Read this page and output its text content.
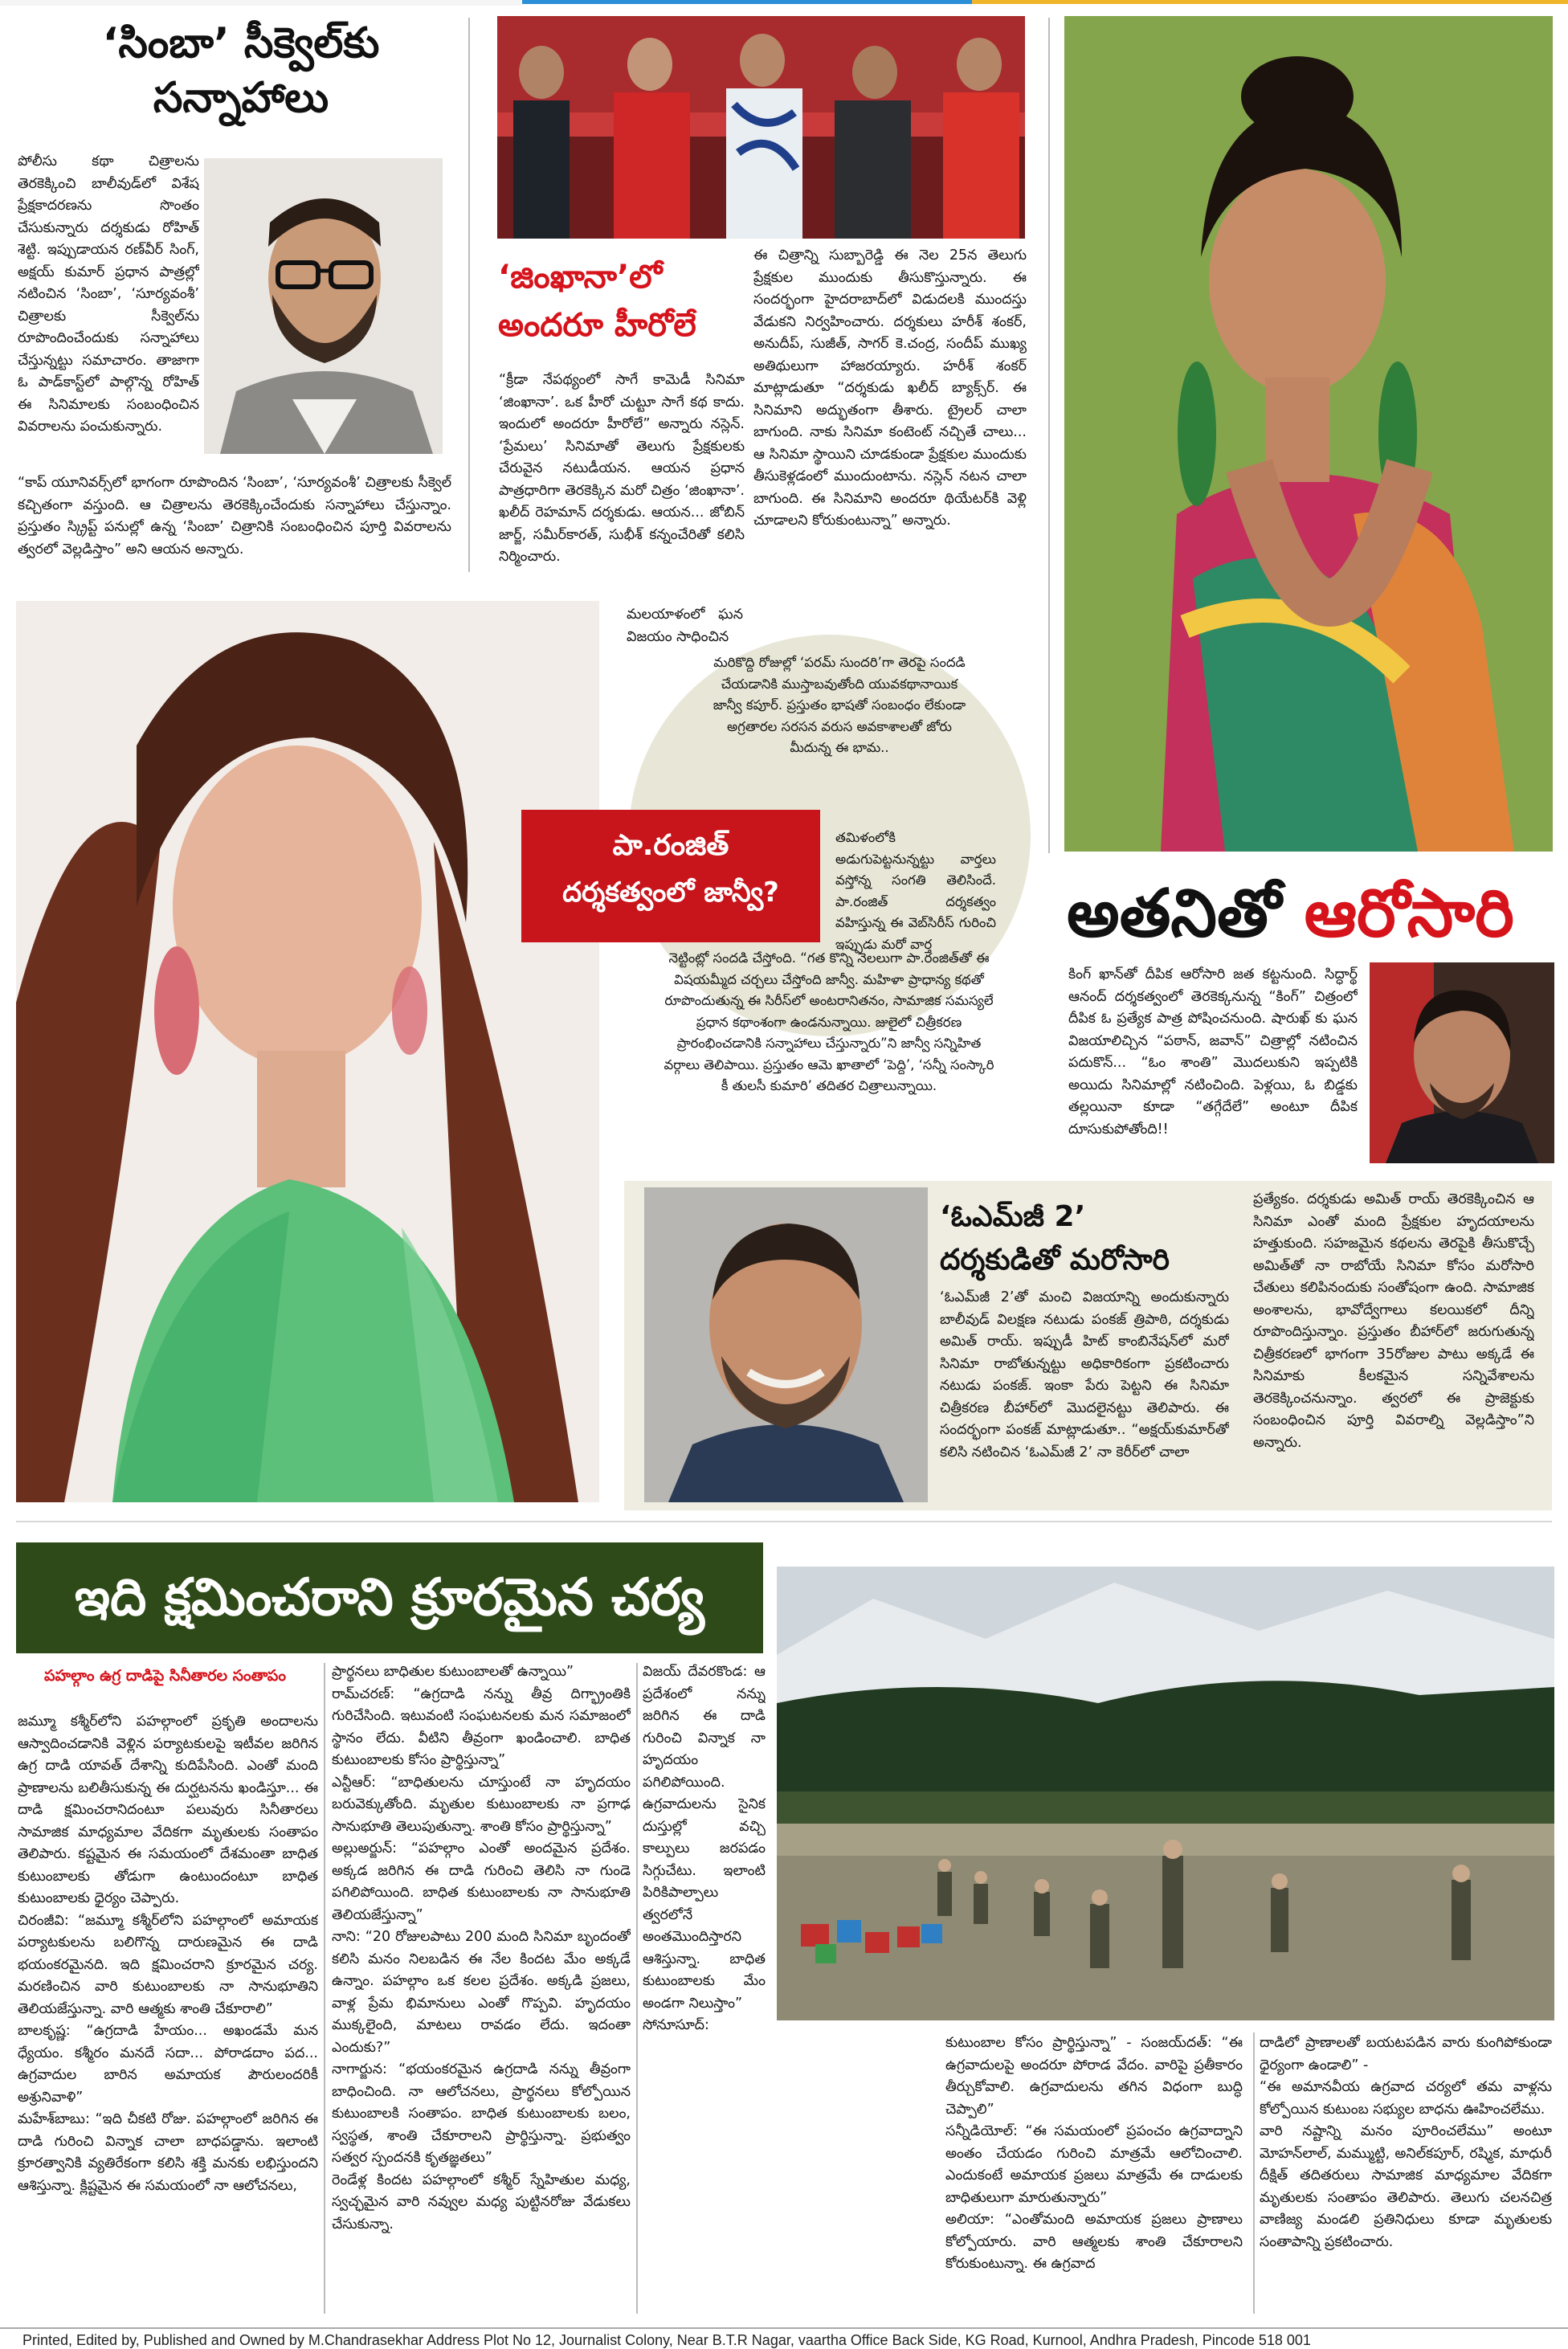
‘సింబా’ సీక్వెల్‌కు
సన్నాహాలు
పోలీసు కథా చిత్రాలను తెరకెక్కించి బాలీవుడ్‌లో విశేష ప్రేక్షకాదరణను సొంతం చేసుకున్నారు దర్శకుడు రోహిత్‌ శెట్టి. ఇప్పుడాయన రణ్‌వీర్‌ సింగ్‌, అక్షయ్‌ కుమార్‌ ప్రధాన పాత్రల్లో నటించిన ‘సింబా’, ‘సూర్యవంశీ’ చిత్రాలకు సీక్వెల్‌ను రూపొందించేందుకు సన్నాహాలు చేస్తున్నట్టు సమాచారం. తాజాగా ఓ పాడ్‌కాస్ట్‌లో పాల్గొన్న రోహిత్‌ ఈ సినిమాలకు సంబంధించిన వివరాలను పంచుకున్నారు.
“కాప్‌ యూనివర్స్‌లో భాగంగా రూపొందిన ‘సింబా’, ‘సూర్యవంశీ’ చిత్రాలకు సీక్వెల్‌ కచ్చితంగా వస్తుంది. ఆ చిత్రాలను తెరకెక్కించేందుకు సన్నాహాలు చేస్తున్నాం. ప్రస్తుతం స్క్రిప్ట్‌ పనుల్లో ఉన్న ‘సింబా’ చిత్రానికి సంబంధించిన పూర్తి వివరాలను త్వరలో వెల్లడిస్తాం” అని ఆయన అన్నారు.
‘జింఖానా’లో
అందరూ హీరోలే
“క్రీడా నేపథ్యంలో సాగే కామెడీ సినిమా ‘జింఖానా’. ఒక హీరో చుట్టూ సాగే కథ కాదు. ఇందులో అందరూ హీరోలే” అన్నారు నస్లెన్‌. ‘ప్రేమలు’ సినిమాతో తెలుగు ప్రేక్షకులకు చేరువైన నటుడీయన. ఆయన ప్రధాన పాత్రధారిగా తెరకెక్కిన మరో చిత్రం ‘జింఖానా’. ఖలీద్‌ రెహమాన్‌ దర్శకుడు. ఆయన... జోబిన్‌ జార్జ్‌, సమీర్‌కారత్‌, సుభీశ్‌ కన్నంచేరితో కలిసి నిర్మించారు.
మలయాళంలో ఘన విజయం సాధించిన
ఈ చిత్రాన్ని సుబ్బారెడ్డి ఈ నెల 25న తెలుగు ప్రేక్షకుల ముందుకు తీసుకొస్తున్నారు. ఈ సందర్భంగా హైదరాబాద్‌లో విడుదలకి ముందస్తు వేడుకని నిర్వహించారు. దర్శకులు హరీశ్‌ శంకర్‌, అనుదీప్‌, సుజీత్‌, సాగర్‌ కె.చంద్ర, సందీప్‌ ముఖ్య అతిథులుగా హాజరయ్యారు. హరీశ్‌ శంకర్‌ మాట్లాడుతూ “దర్శకుడు ఖలీద్‌ బ్యాక్స్‌ర్‌. ఈ సినిమాని అద్భుతంగా తీశారు. ట్రైలర్‌ చాలా బాగుంది. నాకు సినిమా కంటెంట్‌ నచ్చితే చాలు... ఆ సినిమా స్థాయిని చూడకుండా ప్రేక్షకుల ముందుకు తీసుకెళ్లడంలో ముందుంటాను. నస్లెన్‌ నటన చాలా బాగుంది. ఈ సినిమాని అందరూ థియేటర్‌కి వెళ్లి చూడాలని కోరుకుంటున్నా” అన్నారు.
అతనితో ఆరోసారి
కింగ్‌ ఖాన్‌తో దీపిక ఆరోసారి జత కట్టనుంది. సిద్ధార్థ్‌ ఆనంద్‌ దర్శకత్వంలో తెరకెక్కనున్న “కింగ్‌” చిత్రంలో దీపిక ఓ ప్రత్యేక పాత్ర పోషించనుంది. షారుఖ్‌ కు ఘన విజయాలిచ్చిన “పఠాన్‌, జవాన్‌” చిత్రాల్లో నటించిన పదుకొన్‌... “ఓం శాంతి” మొదలుకుని ఇప్పటికి అయిదు సినిమాల్లో నటించింది. పెళ్లయి, ఓ బిడ్డకు తల్లయినా కూడా “తగ్గేదేలే” అంటూ దీపిక దూసుకుపోతోంది!!
మరికొద్ది రోజుల్లో ‘పరమ్‌ సుందరి’గా తెరపై సందడి చేయడానికి ముస్తాబవుతోంది యువకథానాయిక జాన్వీ కపూర్‌. ప్రస్తుతం భాషతో సంబంధం లేకుండా అగ్రతారల సరసన వరుస అవకాశాలతో జోరు మీదున్న ఈ భామ..
పా.రంజిత్‌
దర్శకత్వంలో జాన్వీ?
తమిళంలోకి అడుగుపెట్టనున్నట్టు వార్తలు వస్తోన్న సంగతి తెలిసిందే. పా.రంజిత్‌ దర్శకత్వం వహిస్తున్న ఈ వెబ్‌సిరీస్‌ గురించి ఇప్పుడు మరో వార్త
నెట్టింట్లో సందడి చేస్తోంది. “గత కొన్ని నెలలుగా పా.రంజిత్‌తో ఈ విషయమ్మీద చర్చలు చేస్తోంది జాన్వీ. మహిళా ప్రాధాన్య కథతో రూపొందుతున్న ఈ సిరీస్‌లో అంటరానితనం, సామాజిక సమస్యలే ప్రధాన కథాంశంగా ఉండనున్నాయి. జులైలో చిత్రీకరణ ప్రారంభించడానికి సన్నాహాలు చేస్తున్నారు”ని జాన్వీ సన్నిహిత వర్గాలు తెలిపాయి. ప్రస్తుతం ఆమె ఖాతాలో ‘పెద్ది’, ‘సన్నీ సంస్కారి కీ తులసీ కుమారి’ తదితర చిత్రాలున్నాయి.
‘ఓఎమ్‌జీ 2’
దర్శకుడితో మరోసారి
‘ఓఎమ్‌జీ 2’తో మంచి విజయాన్ని అందుకున్నారు బాలీవుడ్‌ విలక్షణ నటుడు పంకజ్‌ త్రిపాఠి, దర్శకుడు అమిత్‌ రాయ్‌. ఇప్పుడీ హిట్‌ కాంబినేషన్‌లో మరో సినిమా రాబోతున్నట్టు అధికారికంగా ప్రకటించారు నటుడు పంకజ్‌. ఇంకా పేరు పెట్టని ఈ సినిమా చిత్రీకరణ బీహార్‌లో మొదలైనట్టు తెలిపారు. ఈ సందర్భంగా పంకజ్‌ మాట్లాడుతూ.. “అక్షయ్‌కుమార్‌తో కలిసి నటించిన ‘ఓఎమ్‌జీ 2’ నా కెరీర్‌లో చాలా
ప్రత్యేకం. దర్శకుడు అమిత్‌ రాయ్‌ తెరకెక్కించిన ఆ సినిమా ఎంతో మంది ప్రేక్షకుల హృదయాలను హత్తుకుంది. సహజమైన కథలను తెరపైకి తీసుకొచ్చే అమిత్‌తో నా రాబోయే సినిమా కోసం మరోసారి చేతులు కలిపినందుకు సంతోషంగా ఉంది. సామాజిక అంశాలను, భావోద్వేగాలు కలయికలో దీన్ని రూపొందిస్తున్నాం. ప్రస్తుతం బీహార్‌లో జరుగుతున్న చిత్రీకరణలో భాగంగా 35రోజుల పాటు అక్కడే ఈ సినిమాకు కీలకమైన సన్నివేశాలను తెరకెక్కించనున్నాం. త్వరలో ఈ ప్రాజెక్టుకు సంబంధించిన పూర్తి వివరాల్ని వెల్లడిస్తాం”ని అన్నారు.
ఇది క్షమించరాని క్రూరమైన చర్య
పహల్గాం ఉగ్ర దాడిపై సినీతారల సంతాపం
జమ్మూ కశ్మీర్‌లోని పహల్గాంలో ప్రకృతి అందాలను ఆస్వాదించడానికి వెళ్లిన పర్యాటకులపై ఇటీవల జరిగిన ఉగ్ర దాడి యావత్‌ దేశాన్ని కుదిపేసింది. ఎంతో మంది ప్రాణాలను బలితీసుకున్న ఈ దుర్ఘటనను ఖండిస్తూ... ఈ దాడి క్షమించరానిదంటూ పలువురు సినీతారలు సామాజిక మాధ్యమాల వేదికగా మృతులకు సంతాపం తెలిపారు. కష్టమైన ఈ సమయంలో దేశమంతా బాధిత కుటుంబాలకు తోడుగా ఉంటుందంటూ బాధిత కుటుంబాలకు ధైర్యం చెప్పారు.
చిరంజీవి: “జమ్మూ కశ్మీర్‌లోని పహల్గాంలో అమాయక పర్యాటకులను బలిగొన్న దారుణమైన ఈ దాడి భయంకరమైనది. ఇది క్షమించరాని క్రూరమైన చర్య. మరణించిన వారి కుటుంబాలకు నా సానుభూతిని తెలియజేస్తున్నా. వారి ఆత్మకు శాంతి చేకూరాలి”
బాలకృష్ణ: “ఉగ్రదాడి హేయం... అఖండమే మన ధ్యేయం. కశ్మీరం మనదే సదా... పోరాడదాం పద... ఉగ్రవాదుల బారిన అమాయక పౌరులందరికీ అశ్రునివాళి”
మహేశ్‌బాబు: “ఇది చీకటి రోజు. పహల్గాంలో జరిగిన ఈ దాడి గురించి విన్నాక చాలా బాధపడ్డాను. ఇలాంటి క్రూరత్వానికి వ్యతిరేకంగా కలిసి శక్తి మనకు లభిస్తుందని ఆశిస్తున్నా. క్లిష్టమైన ఈ సమయంలో నా ఆలోచనలు,
ప్రార్థనలు బాధితుల కుటుంబాలతో ఉన్నాయి”
రామ్‌చరణ్‌: “ఉగ్రదాడి నన్ను తీవ్ర దిగ్భ్రాంతికి గురిచేసింది. ఇటువంటి సంఘటనలకు మన సమాజంలో స్థానం లేదు. వీటిని తీవ్రంగా ఖండించాలి. బాధిత కుటుంబాలకు కోసం ప్రార్థిస్తున్నా”
ఎన్టీఆర్‌: “బాధితులను చూస్తుంటే నా హృదయం బరువెక్కుతోంది. మృతుల కుటుంబాలకు నా ప్రగాఢ సానుభూతి తెలుపుతున్నా. శాంతి కోసం ప్రార్థిస్తున్నా”
అల్లుఅర్జున్‌: “పహల్గాం ఎంతో అందమైన ప్రదేశం. అక్కడ జరిగిన ఈ దాడి గురించి తెలిసి నా గుండె పగిలిపోయింది. బాధిత కుటుంబాలకు నా సానుభూతి తెలియజేస్తున్నా”
నాని: “20 రోజులపాటు 200 మంది సినిమా బృందంతో కలిసి మనం నిలబడిన ఈ నేల కిందట మేం అక్కడే ఉన్నాం. పహల్గాం ఒక కలల ప్రదేశం. అక్కడి ప్రజలు, వాళ్ల ప్రేమ భిమానులు ఎంతో గొప్పవి. హృదయం ముక్కలైంది, మాటలు రావడం లేదు. ఇదంతా ఎందుకు?”
నాగార్జున: “భయంకరమైన ఉగ్రదాడి నన్ను తీవ్రంగా బాధించింది. నా ఆలోచనలు, ప్రార్థనలు కోల్పోయిన కుటుంబాలకి సంతాపం. బాధిత కుటుంబాలకు బలం, స్వస్థత, శాంతి చేకూరాలని ప్రార్థిస్తున్నా. ప్రభుత్వం సత్వర స్పందనకి కృతజ్ఞతలు”
రెండేళ్ల కిందట పహల్గాంలో కశ్మీర్‌ స్నేహితుల మధ్య, స్వచ్ఛమైన వారి నవ్వుల మధ్య పుట్టినరోజు వేడుకలు చేసుకున్నా.
విజయ్‌ దేవరకొండ: ఆ ప్రదేశంలో నన్ను జరిగిన ఈ దాడి గురించి విన్నాక నా హృదయం పగిలిపోయింది. ఉగ్రవాదులను సైనిక దుస్తుల్లో వచ్చి కాల్పులు జరపడం సిగ్గుచేటు. ఇలాంటి పిరికిపాల్పాలు త్వరలోనే అంతమొందిస్తారని ఆశిస్తున్నా. బాధిత కుటుంబాలకు మేం అండగా నిలుస్తాం”
సోనూసూద్‌:

కుటుంబాల కోసం ప్రార్థిస్తున్నా” - సంజయ్‌దత్‌: “ఈ ఉగ్రవాదులపై అందరూ పోరాడ వేదం. వారిపై ప్రతీకారం తీర్చుకోవాలి. ఉగ్రవాదులను తగిన విధంగా బుద్ధి చెప్పాలి”
సన్నీడియోల్‌: “ఈ సమయంలో ప్రపంచం ఉగ్రవాద్నాని అంతం చేయడం గురించి మాత్రమే ఆలోచించాలి. ఎందుకంటే అమాయక ప్రజలు మాత్రమే ఈ దాడులకు బాధితులుగా మారుతున్నారు”
అలియా: “ఎంతోమంది అమాయక ప్రజలు ప్రాణాలు కోల్పోయారు. వారి ఆత్మలకు శాంతి చేకూరాలని కోరుకుంటున్నా. ఈ ఉగ్రవాద
దాడిలో ప్రాణాలతో బయటపడిన వారు కుంగిపోకుండా ధైర్యంగా ఉండాలి” -
“ఈ అమానవీయ ఉగ్రవాద చర్యలో తమ వాళ్లను కోల్పోయిన కుటుంబ సభ్యుల బాధను ఊహించలేము.
వారి నష్టాన్ని మనం పూరించలేము” అంటూ మోహన్‌లాల్‌, మమ్ముట్టి, అనిల్‌కపూర్‌, రష్మిక, మాధురీ దీక్షిత్‌ తదితరులు సామాజిక మాధ్యమాల వేదికగా మృతులకు సంతాపం తెలిపారు. తెలుగు చలనచిత్ర వాణిజ్య మండలి ప్రతినిధులు కూడా మృతులకు సంతాపాన్ని ప్రకటించారు.
Printed, Edited by, Published and Owned by M.Chandrasekhar Address Plot No 12, Journalist Colony, Near B.T.R Nagar, vaartha Office Back Side, KG Road, Kurnool, Andhra Pradesh, Pincode 518 001
